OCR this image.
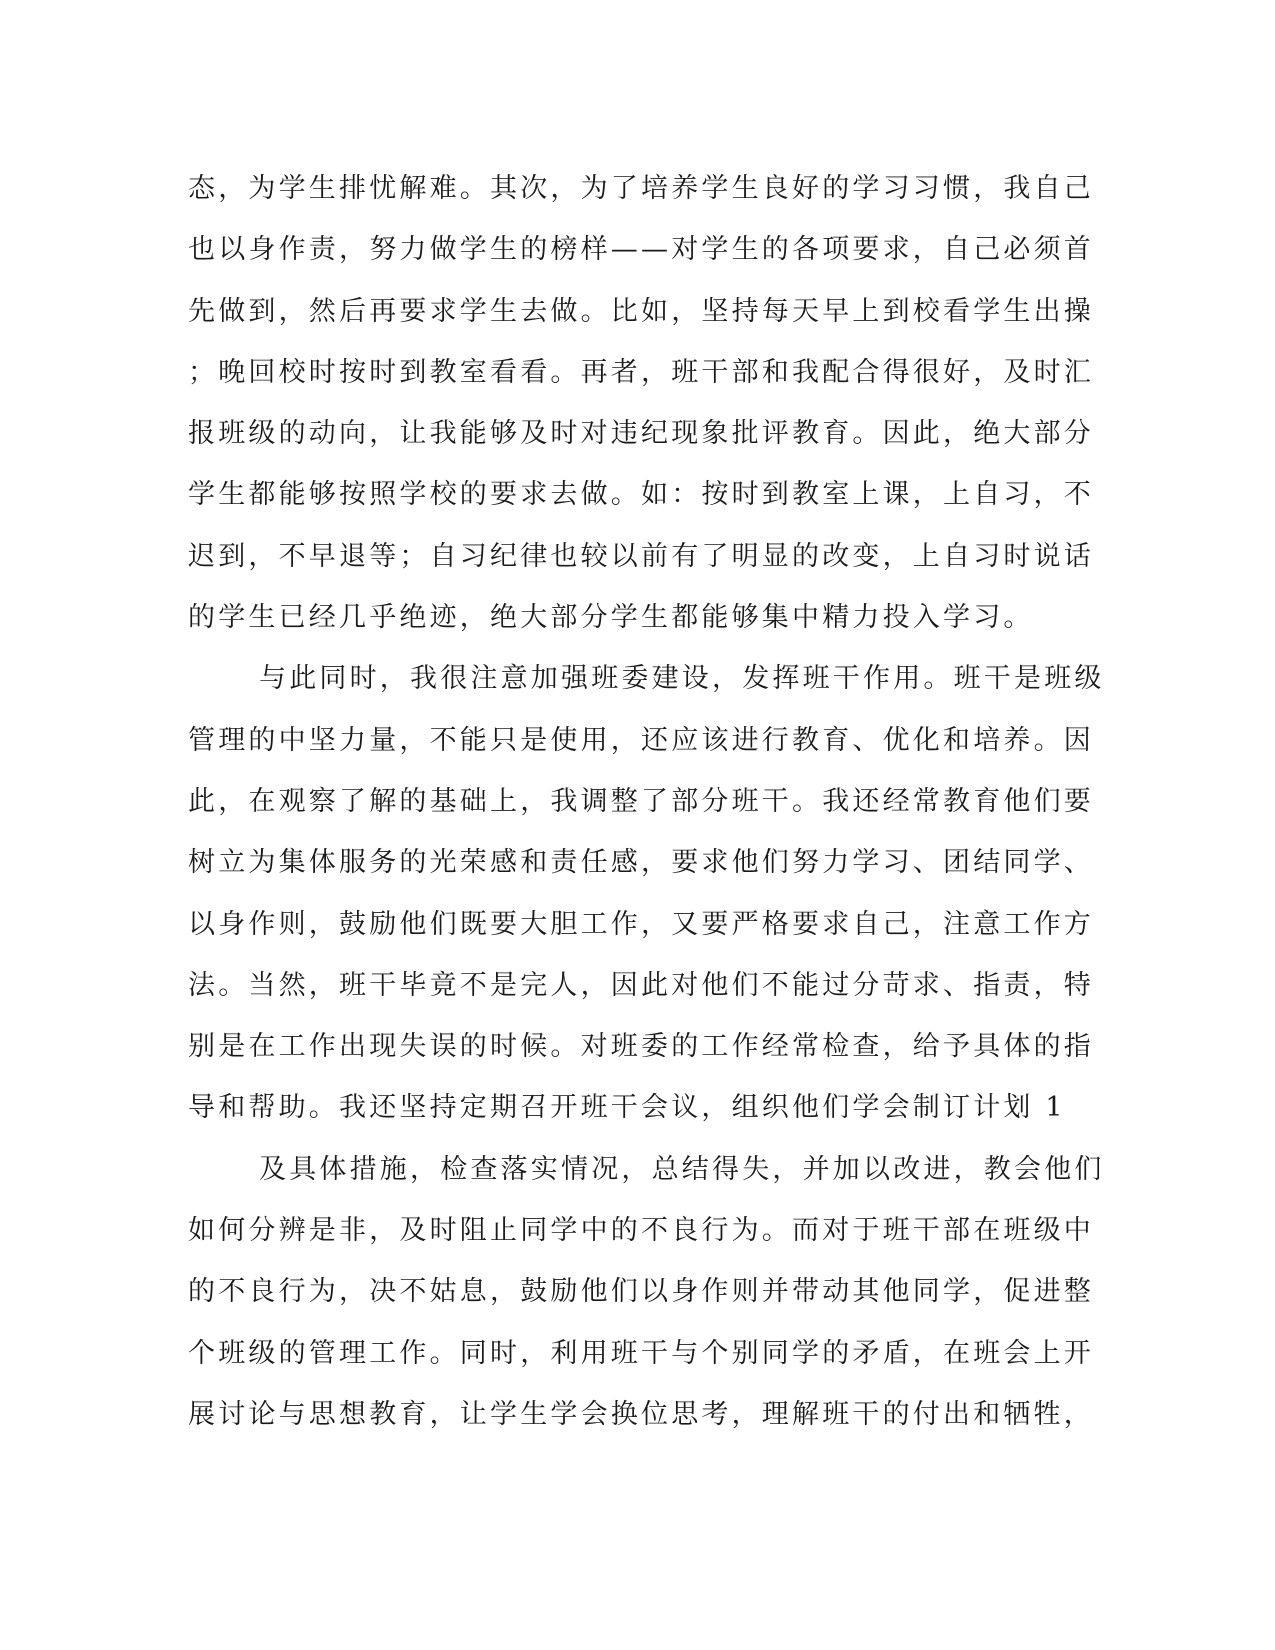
态，为学生排忧解难。其次，为了培养学生良好的学习习惯，我自己
也以身作责，努力做学生的榜样——对学生的各项要求，自己必须首
先做到，然后再要求学生去做。比如，坚持每天早上到校看学生出操
；晚回校时按时到教室看看。再者，班干部和我配合得很好，及时汇
报班级的动向，让我能够及时对违纪现象批评教育。因此，绝大部分
学生都能够按照学校的要求去做。如：按时到教室上课，上自习，不
迟到，不早退等；自习纪律也较以前有了明显的改变，上自习时说话
的学生已经几乎绝迹，绝大部分学生都能够集中精力投入学习。
与此同时，我很注意加强班委建设，发挥班干作用。班干是班级
管理的中坚力量，不能只是使用，还应该进行教育、优化和培养。因
此，在观察了解的基础上，我调整了部分班干。我还经常教育他们要
树立为集体服务的光荣感和责任感，要求他们努力学习、团结同学、
以身作则，鼓励他们既要大胆工作，又要严格要求自己，注意工作方
法。当然，班干毕竟不是完人，因此对他们不能过分苛求、指责，特
别是在工作出现失误的时候。对班委的工作经常检查，给予具体的指
导和帮助。我还坚持定期召开班干会议，组织他们学会制订计划 1
及具体措施，检查落实情况，总结得失，并加以改进，教会他们
如何分辨是非，及时阻止同学中的不良行为。而对于班干部在班级中
的不良行为，决不姑息，鼓励他们以身作则并带动其他同学，促进整
个班级的管理工作。同时，利用班干与个别同学的矛盾，在班会上开
展讨论与思想教育，让学生学会换位思考，理解班干的付出和牺牲，
